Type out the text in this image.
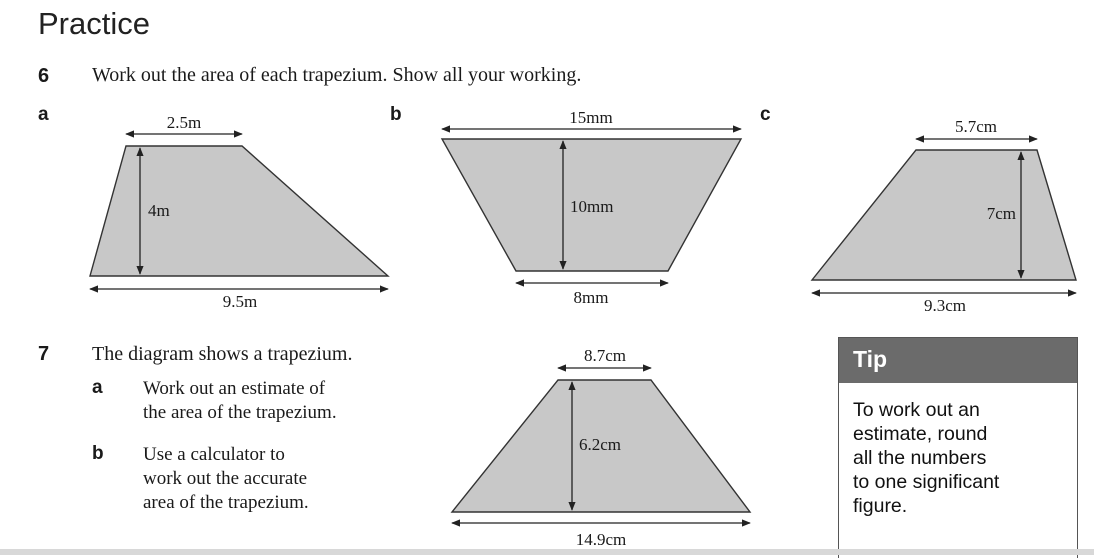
Practice
6 Work out the area of each trapezium. Show all your working.
a	b	c
7 The diagram shows a trapezium.
a Work out an estimate of
the area of the trapezium.
b Use a calculator to
work out the accurate
area of the trapezium.
2.5m
4m
9.5m
15mm
10mm
8mm
5.7cm
7cm
9.3cm
8.7cm
6.2cm
14.9cm
Tip
To work out an
estimate, round
all the numbers
to one significant
figure.
